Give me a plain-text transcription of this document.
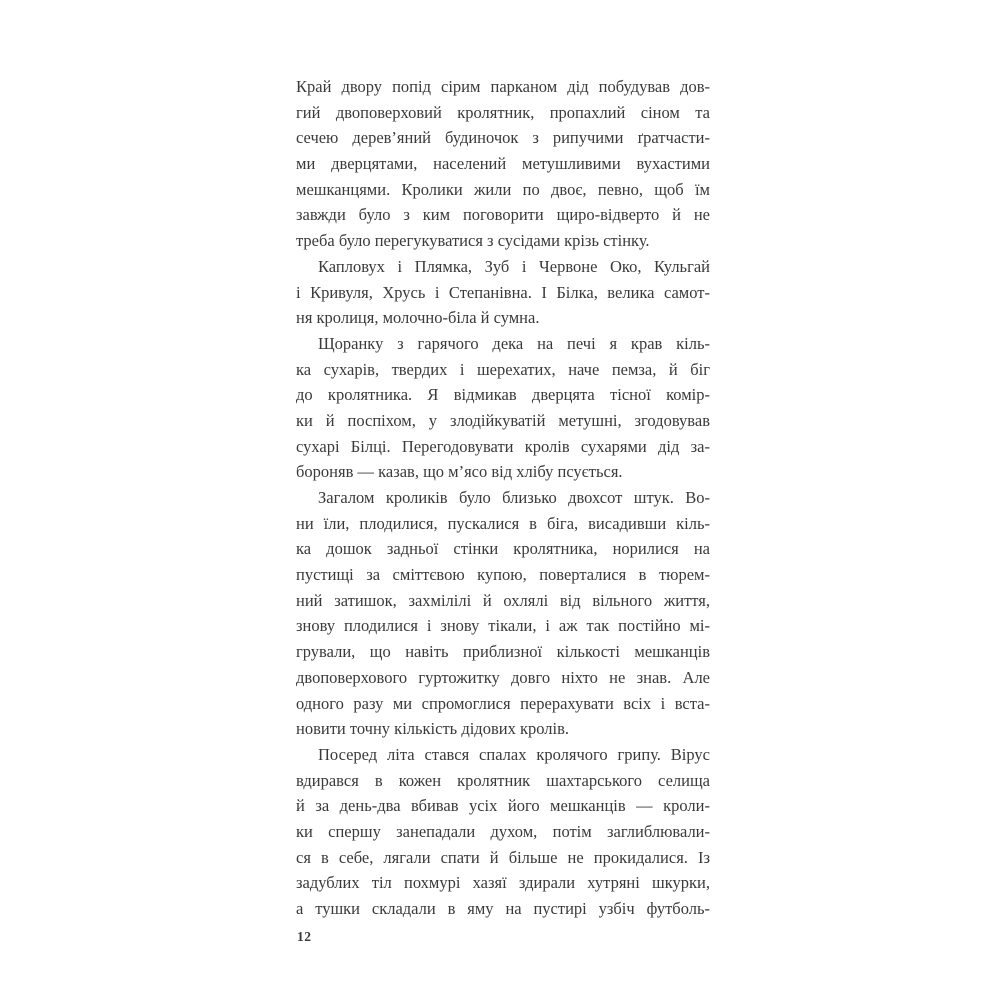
Край двору попід сірим парканом дід побудував дов-
гий двоповерховий кролятник, пропахлий сіном та
сечею дерев’яний будиночок з рипучими ґратчасти-
ми дверцятами, населений метушливими вухастими
мешканцями. Кролики жили по двоє, певно, щоб їм
завжди було з ким поговорити щиро-відверто й не
треба було перегукуватися з сусідами крізь стінку.
Капловух і Плямка, Зуб і Червоне Око, Кульгай
і Кривуля, Хрусь і Степанівна. І Білка, велика самот-
ня кролиця, молочно-біла й сумна.
Щоранку з гарячого дека на печі я крав кіль-
ка сухарів, твердих і шерехатих, наче пемза, й біг
до кролятника. Я відмикав дверцята тісної комір-
ки й поспіхом, у злодійкуватій метушні, згодовував
сухарі Білці. Перегодовувати кролів сухарями дід за-
бороняв — казав, що м’ясо від хлібу псується.
Загалом кроликів було близько двохсот штук. Во-
ни їли, плодилися, пускалися в біга, висадивши кіль-
ка дошок задньої стінки кролятника, норилися на
пустищі за сміттєвою купою, поверталися в тюрем-
ний затишок, захмілілі й охлялі від вільного життя,
знову плодилися і знову тікали, і аж так постійно мі-
грували, що навіть приблизної кількості мешканців
двоповерхового гуртожитку довго ніхто не знав. Але
одного разу ми спромоглися перерахувати всіх і вста-
новити точну кількість дідових кролів.
Посеред літа стався спалах кролячого грипу. Вірус
вдирався в кожен кролятник шахтарського селища
й за день-два вбивав усіх його мешканців — кроли-
ки спершу занепадали духом, потім заглиблювали-
ся в себе, лягали спати й більше не прокидалися. Із
задублих тіл похмурі хазяї здирали хутряні шкурки,
а тушки складали в яму на пустирі узбіч футболь-
12
